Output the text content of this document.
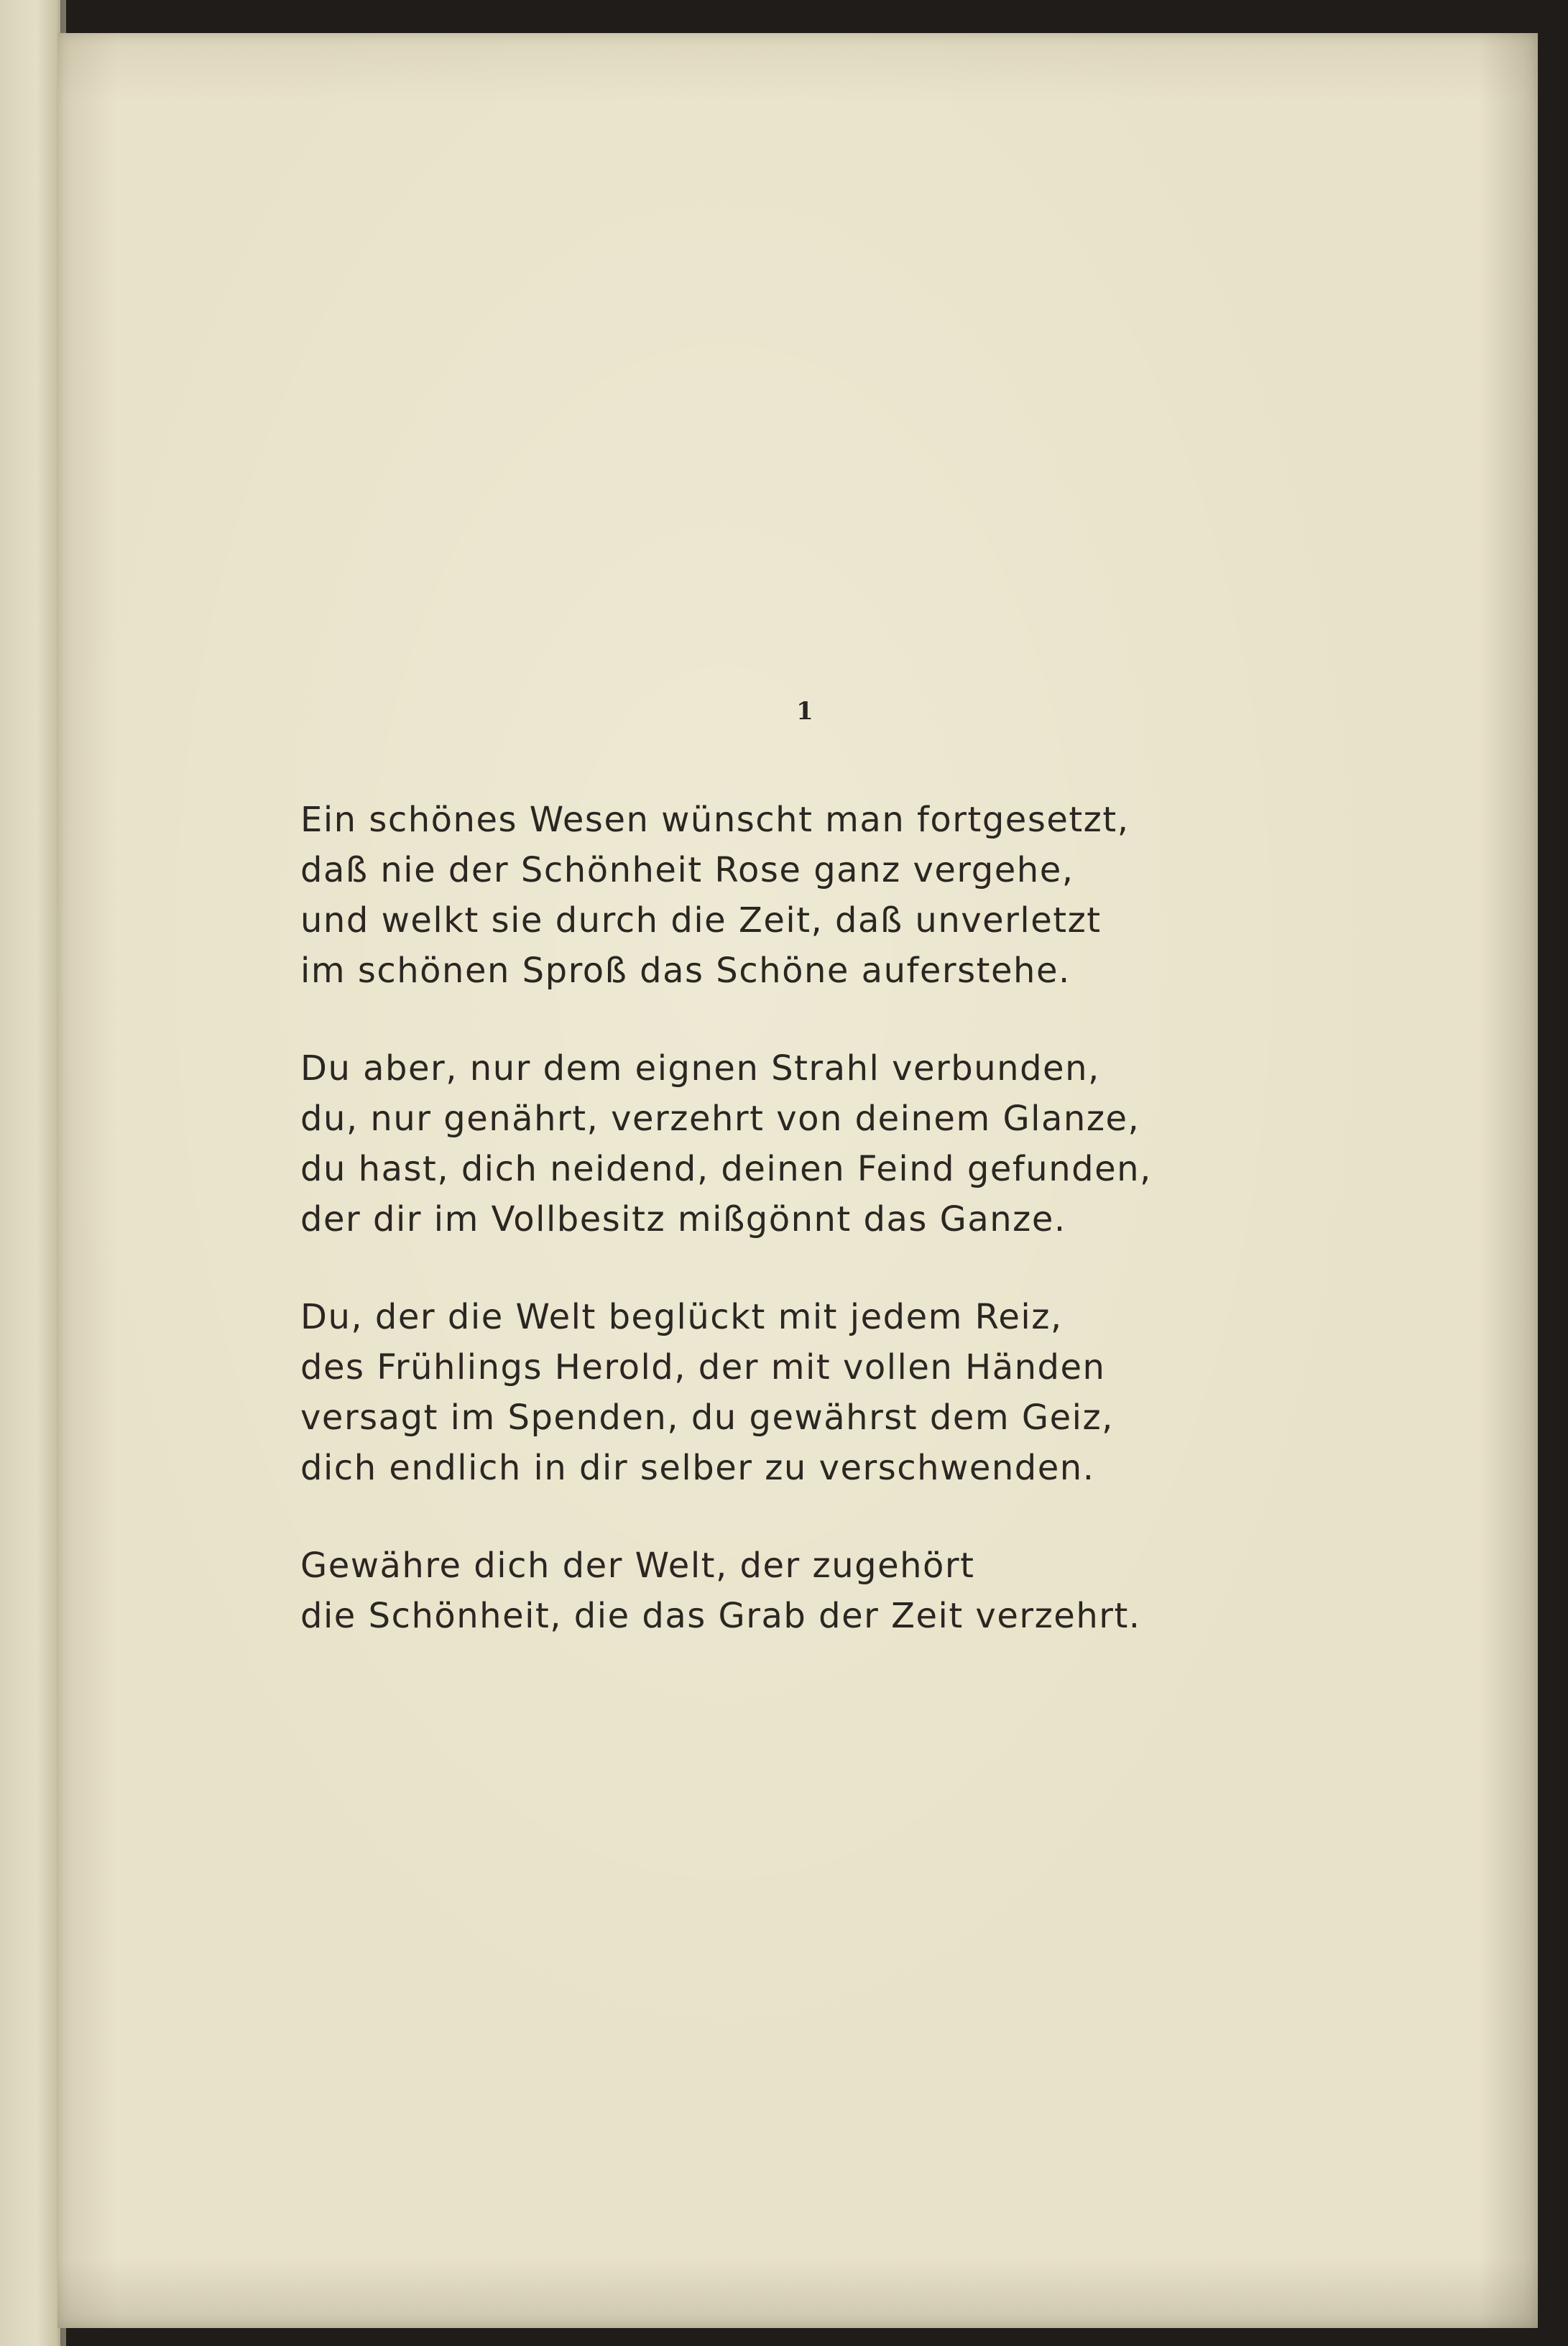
1
Ein schönes Wesen wünscht man fortgesetzt,
daß nie der Schönheit Rose ganz vergehe,
und welkt sie durch die Zeit, daß unverletzt
im schönen Sproß das Schöne auferstehe.
Du aber, nur dem eignen Strahl verbunden,
du, nur genährt, verzehrt von deinem Glanze,
du hast, dich neidend, deinen Feind gefunden,
der dir im Vollbesitz mißgönnt das Ganze.
Du, der die Welt beglückt mit jedem Reiz,
des Frühlings Herold, der mit vollen Händen
versagt im Spenden, du gewährst dem Geiz,
dich endlich in dir selber zu verschwenden.
Gewähre dich der Welt, der zugehört
die Schönheit, die das Grab der Zeit verzehrt.
